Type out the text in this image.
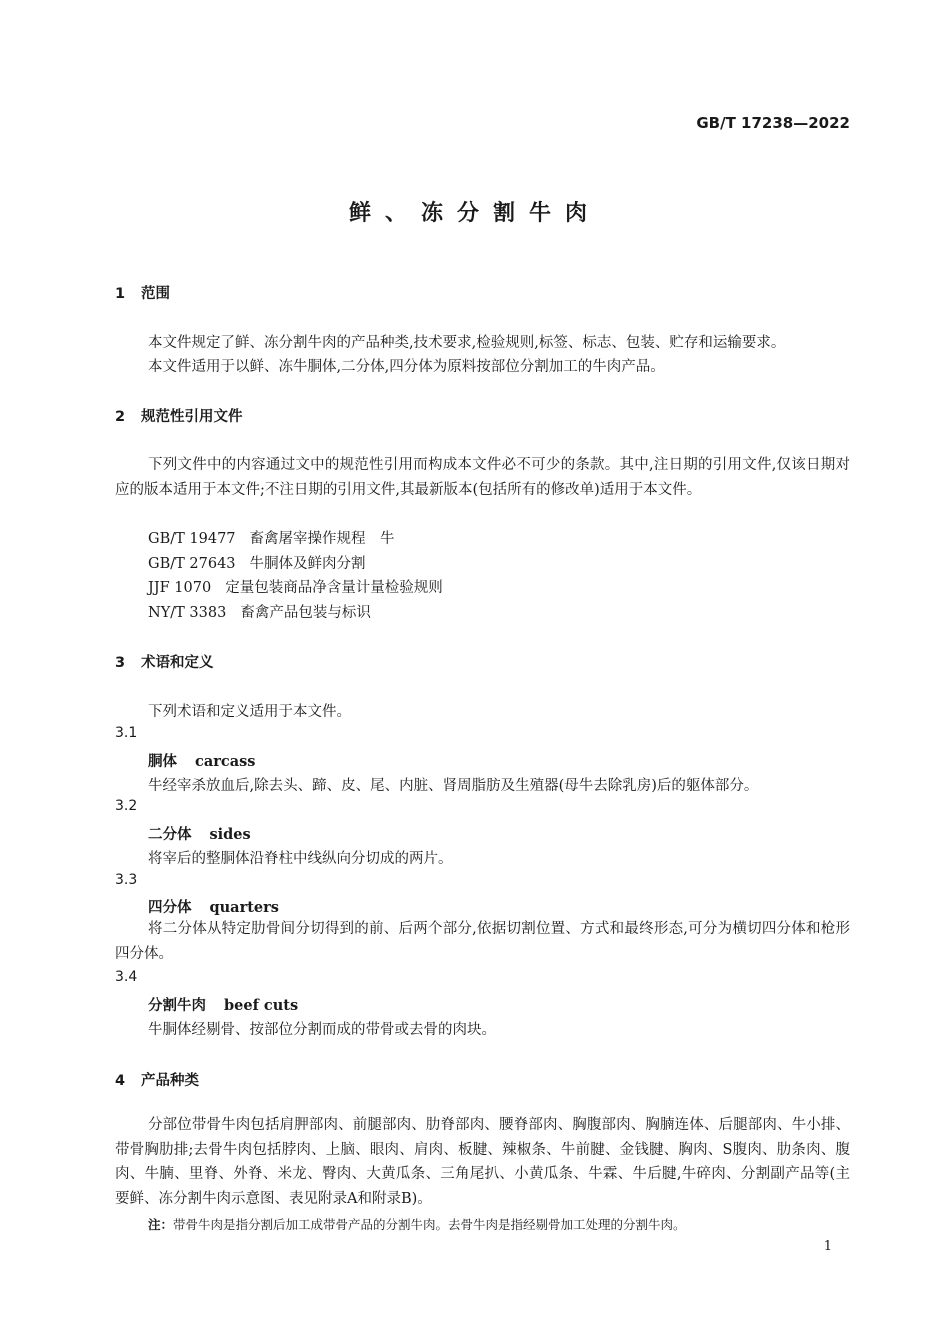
GB/T 17238—2022
鲜、冻分割牛肉
1 范围
本文件规定了鲜、冻分割牛肉的产品种类,技术要求,检验规则,标签、标志、包装、贮存和运输要求。
本文件适用于以鲜、冻牛胴体,二分体,四分体为原料按部位分割加工的牛肉产品。
2 规范性引用文件
下列文件中的内容通过文中的规范性引用而构成本文件必不可少的条款。其中,注日期的引用文件,仅该日期对应的版本适用于本文件;不注日期的引用文件,其最新版本(包括所有的修改单)适用于本文件。
GB/T 19477 畜禽屠宰操作规程　牛
GB/T 27643 牛胴体及鲜肉分割
JJF 1070 定量包装商品净含量计量检验规则
NY/T 3383 畜禽产品包装与标识
3 术语和定义
下列术语和定义适用于本文件。
3.1
胴体 carcass
牛经宰杀放血后,除去头、蹄、皮、尾、内脏、肾周脂肪及生殖器(母牛去除乳房)后的躯体部分。
3.2
二分体 sides
将宰后的整胴体沿脊柱中线纵向分切成的两片。
3.3
四分体 quarters
将二分体从特定肋骨间分切得到的前、后两个部分,依据切割位置、方式和最终形态,可分为横切四分体和枪形四分体。
3.4
分割牛肉 beef cuts
牛胴体经剔骨、按部位分割而成的带骨或去骨的肉块。
4 产品种类
分部位带骨牛肉包括肩胛部肉、前腿部肉、肋脊部肉、腰脊部肉、胸腹部肉、胸腩连体、后腿部肉、牛小排、带骨胸肋排;去骨牛肉包括脖肉、上脑、眼肉、肩肉、板腱、辣椒条、牛前腱、金钱腱、胸肉、S腹肉、肋条肉、腹肉、牛腩、里脊、外脊、米龙、臀肉、大黄瓜条、三角尾扒、小黄瓜条、牛霖、牛后腱,牛碎肉、分割副产品等(主要鲜、冻分割牛肉示意图、表见附录A和附录B)。
注：带骨牛肉是指分割后加工成带骨产品的分割牛肉。去骨牛肉是指经剔骨加工处理的分割牛肉。
1
